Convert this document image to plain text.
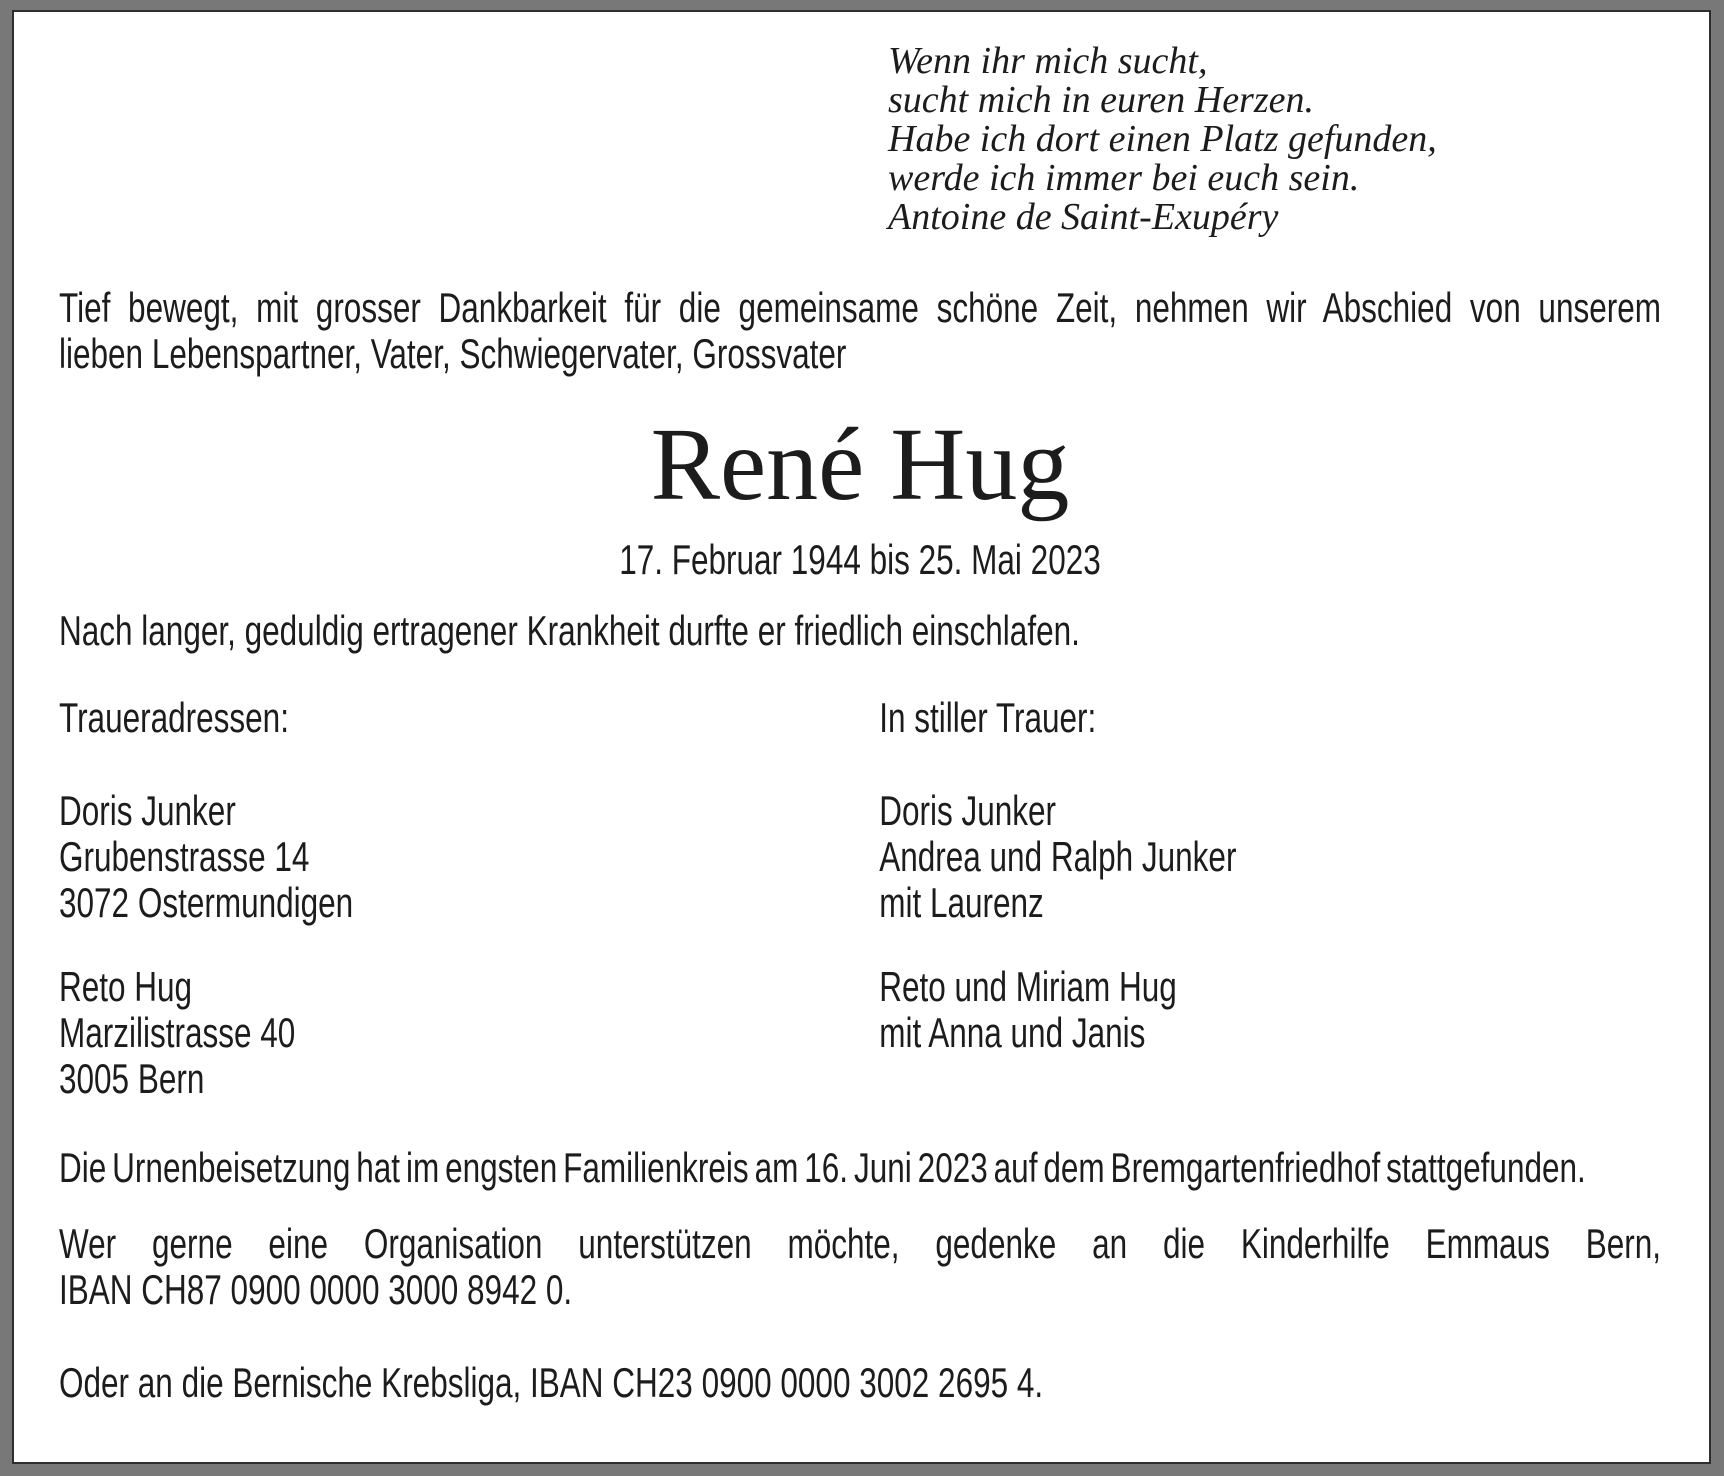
Wenn ihr mich sucht,
sucht mich in euren Herzen.
Habe ich dort einen Platz gefunden,
werde ich immer bei euch sein.
Antoine de Saint-Exupéry
Tief bewegt, mit grosser Dankbarkeit für die gemeinsame schöne Zeit, nehmen wir Abschied von unserem
lieben Lebenspartner, Vater, Schwiegervater, Grossvater
René Hug
17. Februar 1944 bis 25. Mai 2023
Nach langer, geduldig ertragener Krankheit durfte er friedlich einschlafen.
Traueradressen:
Doris Junker
Grubenstrasse 14
3072 Ostermundigen
Reto Hug
Marzilistrasse 40
3005 Bern
In stiller Trauer:
Doris Junker
Andrea und Ralph Junker
mit Laurenz
Reto und Miriam Hug
mit Anna und Janis
Die Urnenbeisetzung hat im engsten Familienkreis am 16. Juni 2023 auf dem Bremgartenfriedhof stattgefunden.
Wer gerne eine Organisation unterstützen möchte, gedenke an die Kinderhilfe Emmaus Bern,
IBAN CH87 0900 0000 3000 8942 0.
Oder an die Bernische Krebsliga, IBAN CH23 0900 0000 3002 2695 4.
